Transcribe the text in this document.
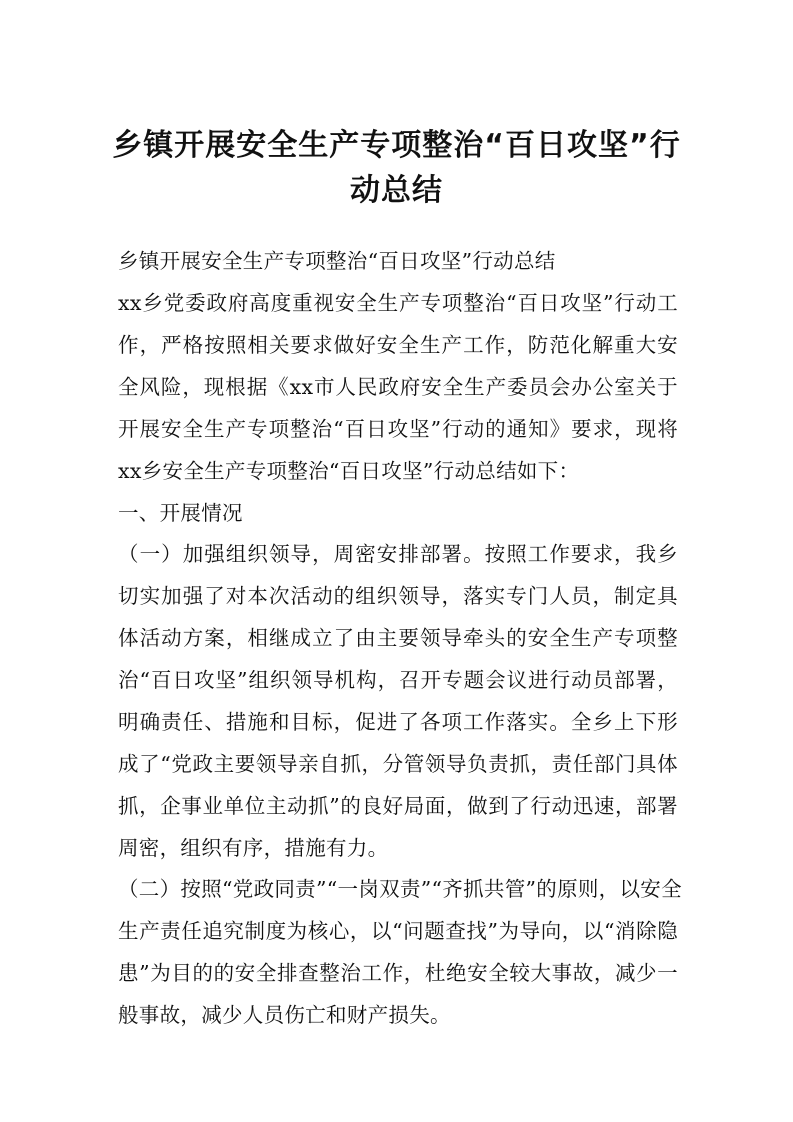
乡镇开展安全生产专项整治“百日攻坚”行
动总结
乡镇开展安全生产专项整治“百日攻坚”行动总结
xx乡党委政府高度重视安全生产专项整治“百日攻坚”行动工
作，严格按照相关要求做好安全生产工作，防范化解重大安
全风险，现根据《xx市人民政府安全生产委员会办公室关于
开展安全生产专项整治“百日攻坚”行动的通知》要求，现将
xx乡安全生产专项整治“百日攻坚”行动总结如下：
一、开展情况
（一）加强组织领导，周密安排部署。按照工作要求，我乡
切实加强了对本次活动的组织领导，落实专门人员，制定具
体活动方案，相继成立了由主要领导牵头的安全生产专项整
治“百日攻坚”组织领导机构，召开专题会议进行动员部署，
明确责任、措施和目标，促进了各项工作落实。全乡上下形
成了“党政主要领导亲自抓，分管领导负责抓，责任部门具体
抓，企事业单位主动抓”的良好局面，做到了行动迅速，部署
周密，组织有序，措施有力。
（二）按照“党政同责”“一岗双责”“齐抓共管”的原则，以安全
生产责任追究制度为核心，以“问题查找”为导向，以“消除隐
患”为目的的安全排查整治工作，杜绝安全较大事故，减少一
般事故，减少人员伤亡和财产损失。
